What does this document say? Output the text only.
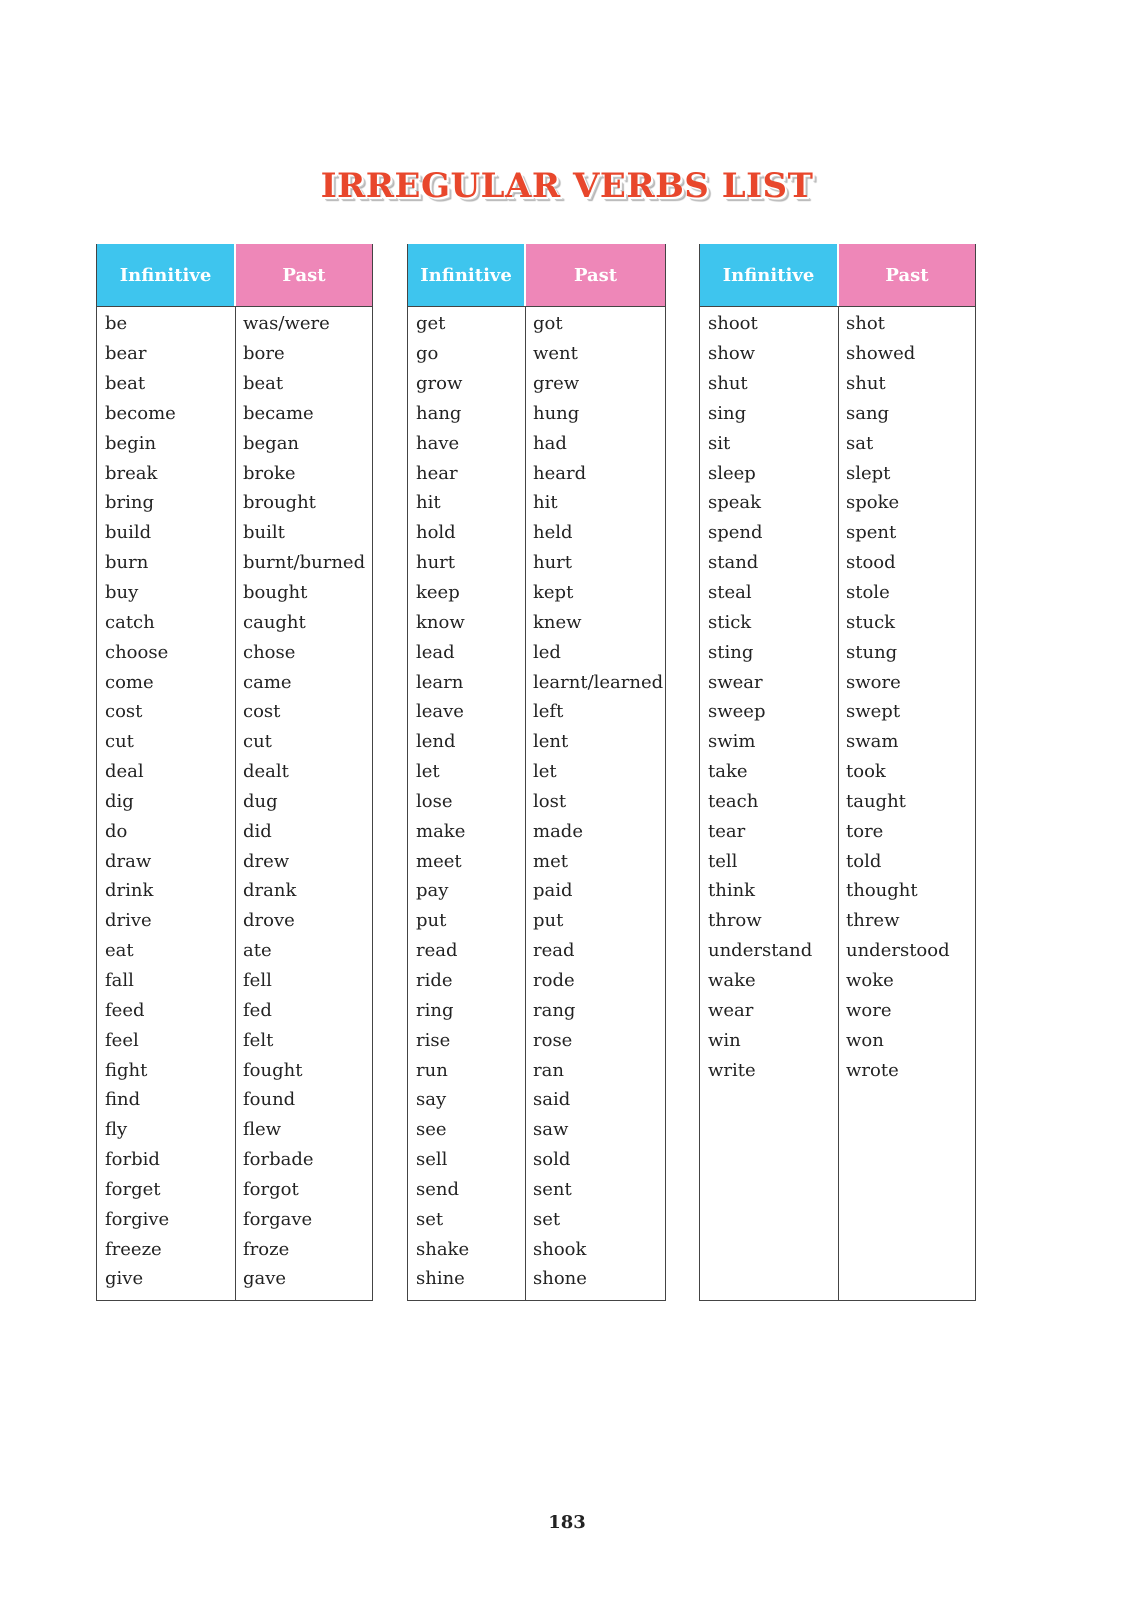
IRREGULAR VERBS LIST
Infinitive	Past
be	was/were
bear	bore
beat	beat
become	became
begin	began
break	broke
bring	brought
build	built
burn	burnt/burned
buy	bought
catch	caught
choose	chose
come	came
cost	cost
cut	cut
deal	dealt
dig	dug
do	did
draw	drew
drink	drank
drive	drove
eat	ate
fall	fell
feed	fed
feel	felt
fight	fought
find	found
fly	flew
forbid	forbade
forget	forgot
forgive	forgave
freeze	froze
give	gave
Infinitive	Past
get	got
go	went
grow	grew
hang	hung
have	had
hear	heard
hit	hit
hold	held
hurt	hurt
keep	kept
know	knew
lead	led
learn	learnt/learned
leave	left
lend	lent
let	let
lose	lost
make	made
meet	met
pay	paid
put	put
read	read
ride	rode
ring	rang
rise	rose
run	ran
say	said
see	saw
sell	sold
send	sent
set	set
shake	shook
shine	shone
Infinitive	Past
shoot	shot
show	showed
shut	shut
sing	sang
sit	sat
sleep	slept
speak	spoke
spend	spent
stand	stood
steal	stole
stick	stuck
sting	stung
swear	swore
sweep	swept
swim	swam
take	took
teach	taught
tear	tore
tell	told
think	thought
throw	threw
understand	understood
wake	woke
wear	wore
win	won
write	wrote
183
